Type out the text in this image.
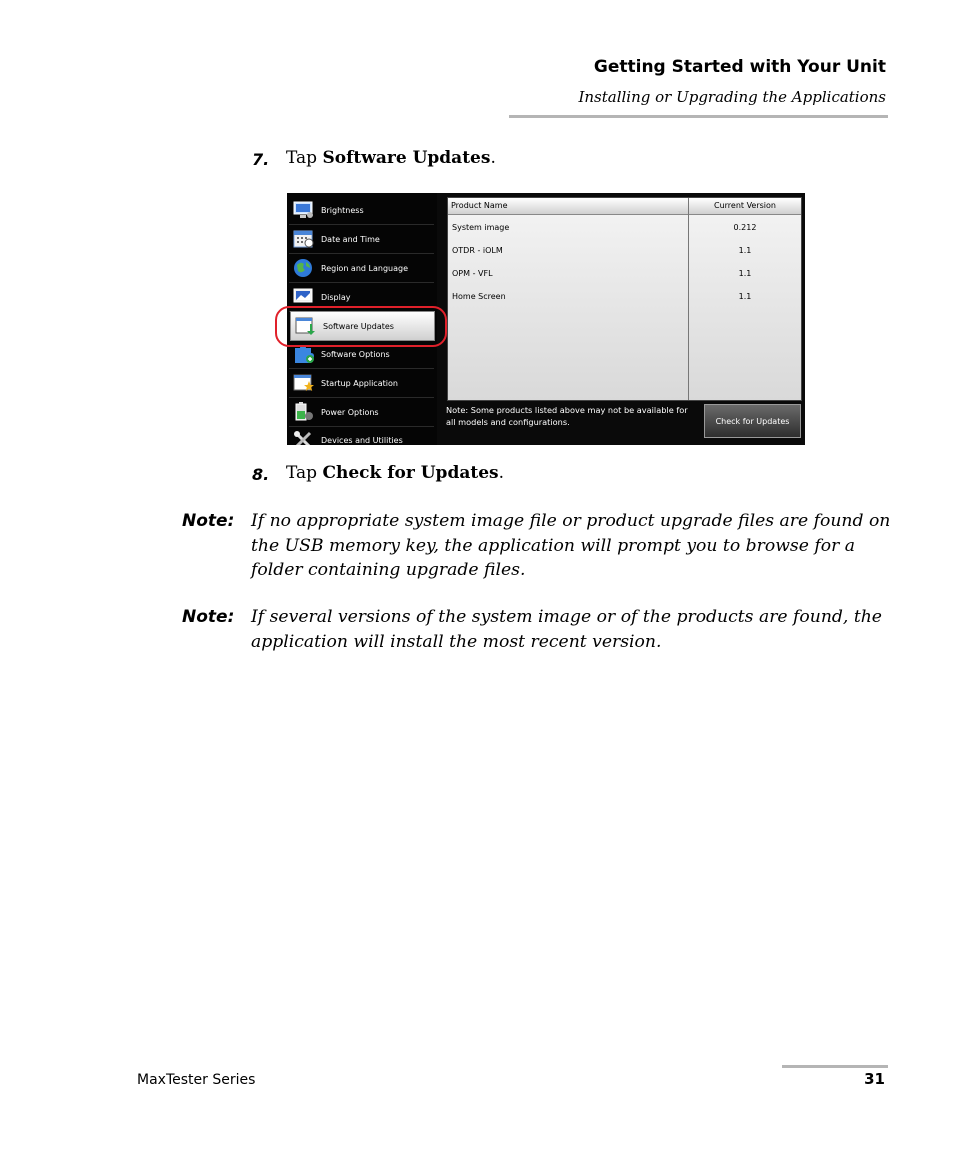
Getting Started with Your Unit
Installing or Upgrading the Applications
7. Tap Software Updates.
Brightness
Date and Time
Region and Language
Display
Software Updates
Software Options
Startup Application
Power Options
Devices and Utilities
Product Name	Current Version
System image	0.212
OTDR - iOLM	1.1
OPM - VFL	1.1
Home Screen	1.1
Note: Some products listed above may not be available for all models and configurations.	Check for Updates
8. Tap Check for Updates.
Note: If no appropriate system image file or product upgrade files are found on the USB memory key, the application will prompt you to browse for a folder containing upgrade files.
Note: If several versions of the system image or of the products are found, the application will install the most recent version.
MaxTester Series	31
